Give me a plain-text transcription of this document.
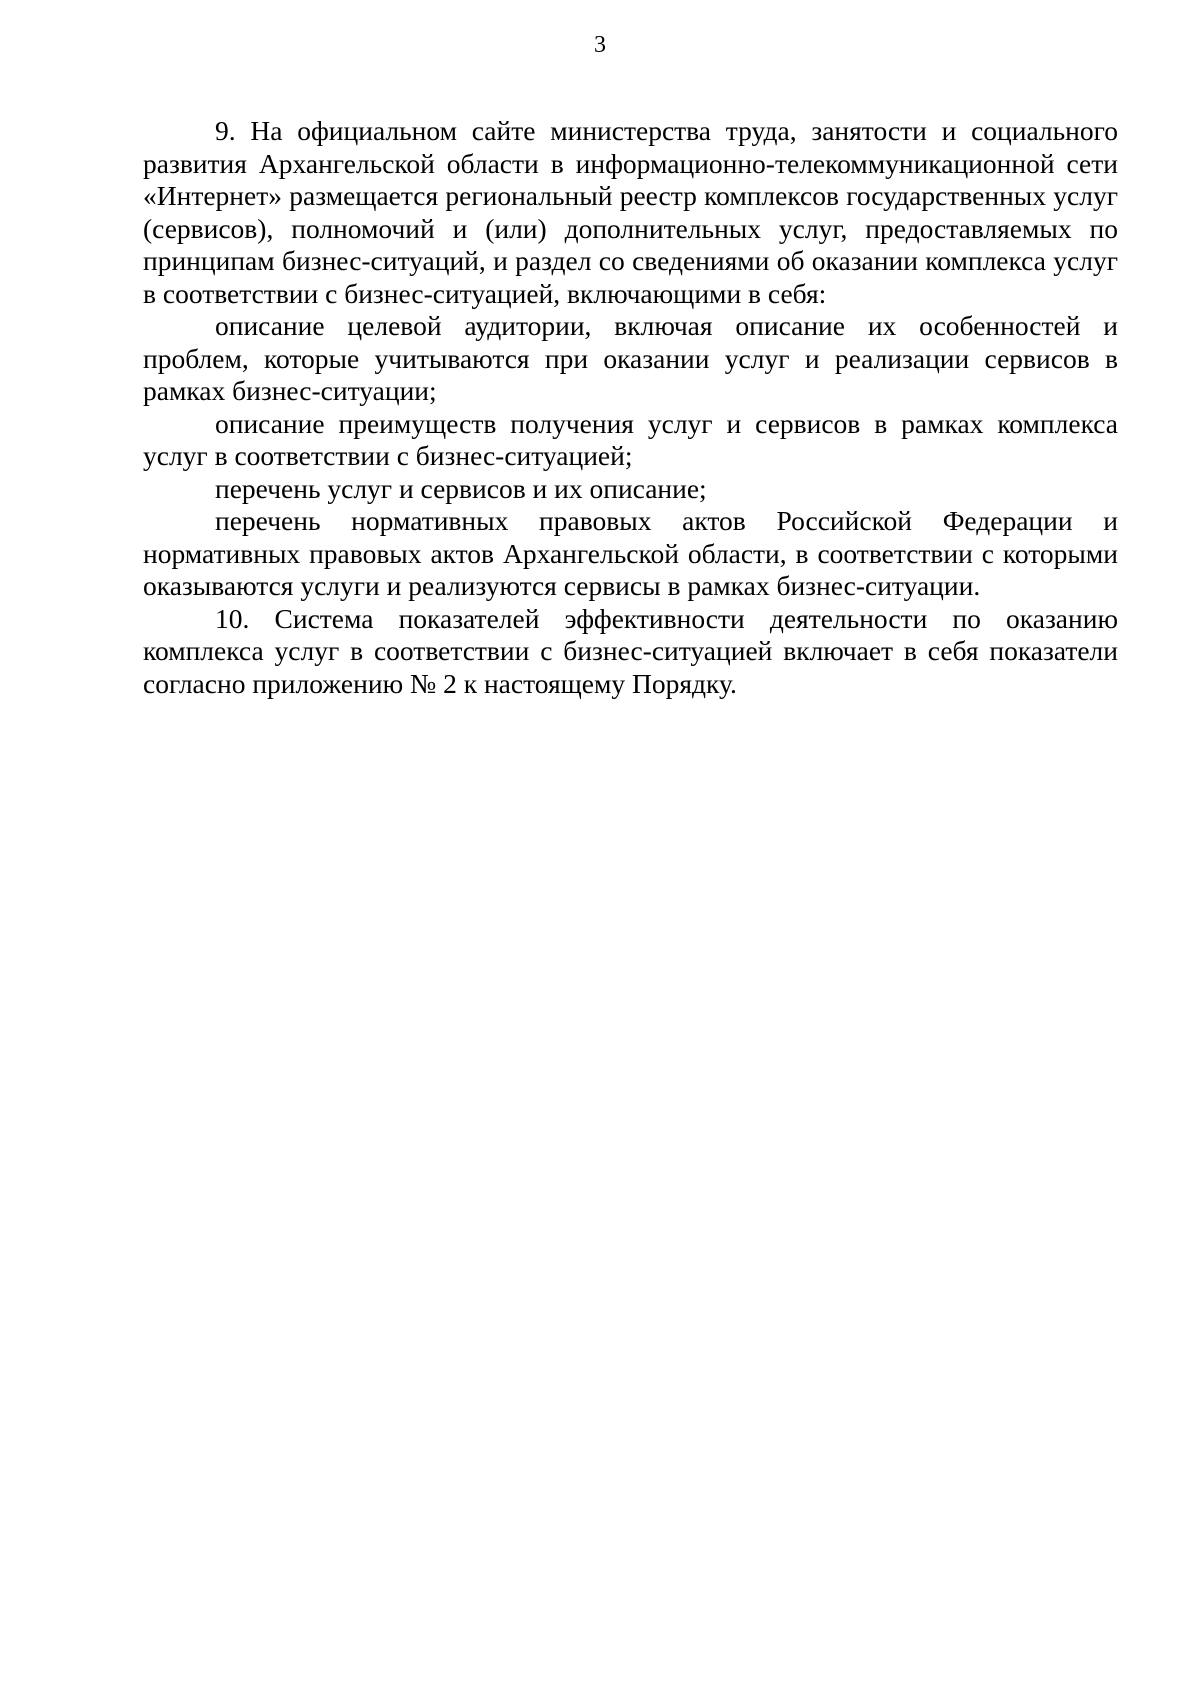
3

9. На официальном сайте министерства труда, занятости и социального развития Архангельской области в информационно-телекоммуникационной сети «Интернет» размещается региональный реестр комплексов государственных услуг (сервисов), полномочий и (или) дополнительных услуг, предоставляемых по принципам бизнес-ситуаций, и раздел со сведениями об оказании комплекса услуг в соответствии с бизнес-ситуацией, включающими в себя:

описание целевой аудитории, включая описание их особенностей и проблем, которые учитываются при оказании услуг и реализации сервисов в рамках бизнес-ситуации;

описание преимуществ получения услуг и сервисов в рамках комплекса услуг в соответствии с бизнес-ситуацией;

перечень услуг и сервисов и их описание;

перечень нормативных правовых актов Российской Федерации и нормативных правовых актов Архангельской области, в соответствии с которыми оказываются услуги и реализуются сервисы в рамках бизнес-ситуации.

10. Система показателей эффективности деятельности по оказанию комплекса услуг в соответствии с бизнес-ситуацией включает в себя показатели согласно приложению № 2 к настоящему Порядку.
